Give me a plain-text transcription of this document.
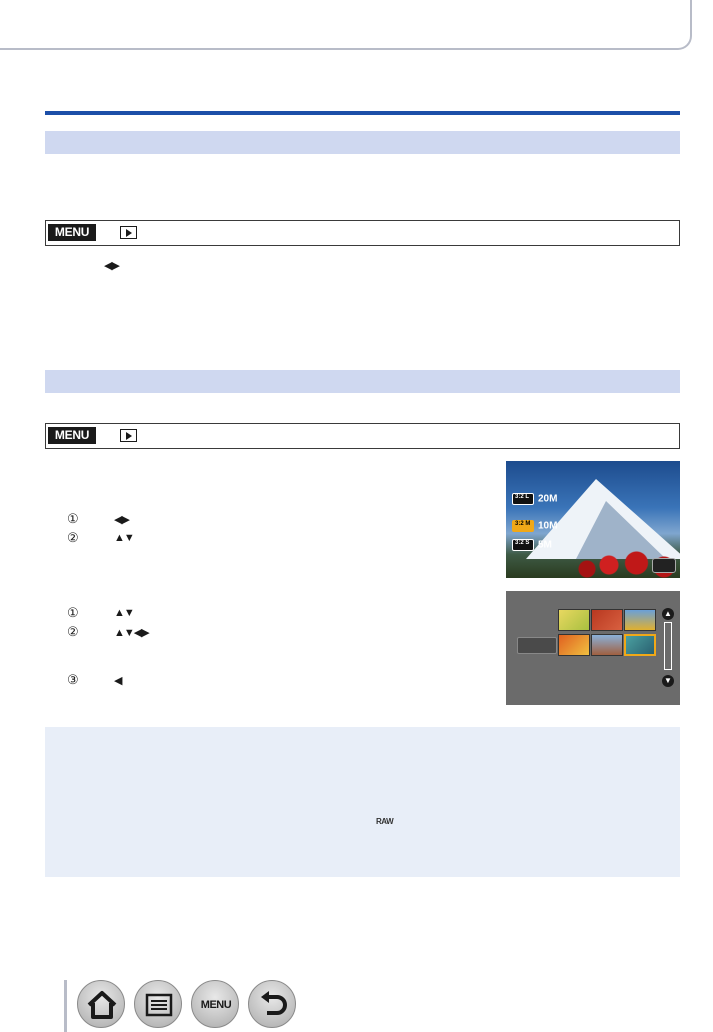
MENU
◀▶
MENU
①	◀▶
②	▲▼
3:2 L 20M
3:2 M 10M
3:2 S 5M
①	▲▼
②	▲▼◀▶
③	◀
▲
▼
RAW
MENU
